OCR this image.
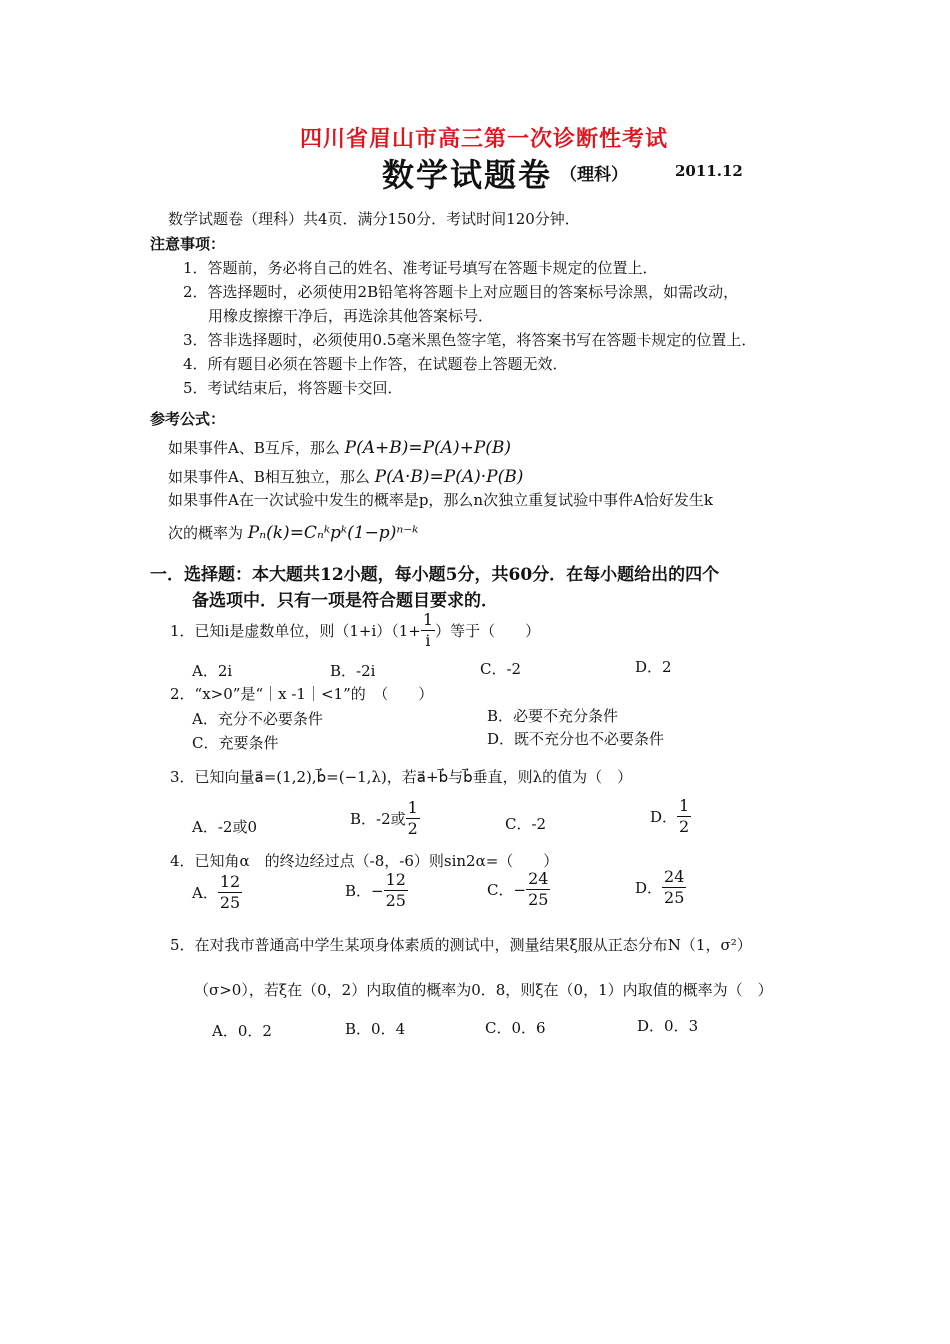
四川省眉山市高三第一次诊断性考试
数学试题卷 （理科）	2011.12
数学试题卷（理科）共4页．满分150分．考试时间120分钟．
注意事项：
1．答题前，务必将自己的姓名、准考证号填写在答题卡规定的位置上．
2．答选择题时，必须使用2B铅笔将答题卡上对应题目的答案标号涂黑，如需改动，
用橡皮擦擦干净后，再选涂其他答案标号．
3．答非选择题时，必须使用0.5毫米黑色签字笔，将答案书写在答题卡规定的位置上．
4．所有题目必须在答题卡上作答，在试题卷上答题无效．
5．考试结束后，将答题卡交回．
参考公式：
如果事件A、B互斥，那么 P(A+B)=P(A)+P(B)
如果事件A、B相互独立，那么 P(A·B)=P(A)·P(B)
如果事件A在一次试验中发生的概率是p，那么n次独立重复试验中事件A恰好发生k
次的概率为 Pₙ(k)=Cₙᵏpᵏ(1−p)ⁿ⁻ᵏ
一．选择题：本大题共12小题，每小题5分，共60分．在每小题给出的四个
备选项中．只有一项是符合题目要求的．
1．已知i是虚数单位，则$(1+i)(1+ \frac{1}{i}$ ）等于（　　）
A．2i	B．-2i	C．-2	D．2
2．“x>0”是“｜x -1｜<1”的　（　　）
A．充分不必要条件	B．必要不充分条件
C．充要条件	D．既不充分也不必要条件
3．已知向量a⃗=(1,2),b⃗=(−1,λ)，若a⃗+b⃗与b⃗垂直，则λ的值为（　）
A．-2或0	B．-2或 $\frac{1}{2}$	C．-2	D． $\frac{1}{2}$
4．已知角α　的终边经过点（-8，-6）则sin2α=（　　）
A． $\frac{12}{25}$	B． − $\frac{12}{25}$	C． − $\frac{24}{25}$	D． $\frac{24}{25}$
5．在对我市普通高中学生某项身体素质的测试中，测量结果ξ服从正态分布N（1，σ²）
（σ>0），若ξ在（0，2）内取值的概率为0．8，则ξ在（0，1）内取值的概率为（　）
A．0．2	B．0．4	C．0．6	D．0．3
